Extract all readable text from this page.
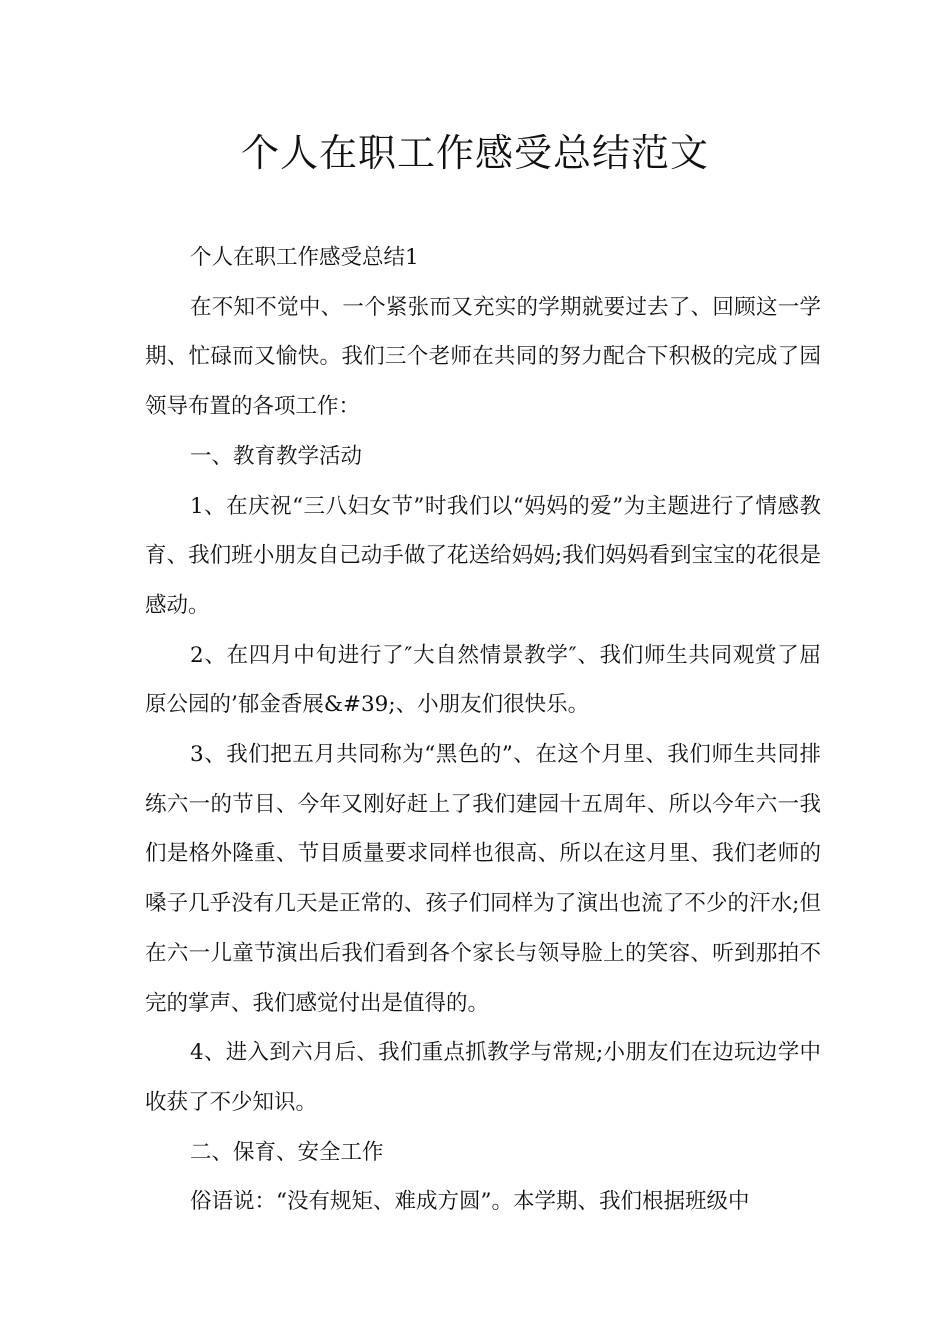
个人在职工作感受总结范文

个人在职工作感受总结1

在不知不觉中、一个紧张而又充实的学期就要过去了、回顾这一学期、忙碌而又愉快。我们三个老师在共同的努力配合下积极的完成了园领导布置的各项工作：

一、教育教学活动

1、在庆祝“三八妇女节”时我们以“妈妈的爱”为主题进行了情感教育、我们班小朋友自己动手做了花送给妈妈;我们妈妈看到宝宝的花很是感动。

2、在四月中旬进行了″大自然情景教学″、我们师生共同观赏了屈原公园的’郁金香展&#39;、小朋友们很快乐。

3、我们把五月共同称为“黑色的”、在这个月里、我们师生共同排练六一的节目、今年又刚好赶上了我们建园十五周年、所以今年六一我们是格外隆重、节目质量要求同样也很高、所以在这月里、我们老师的嗓子几乎没有几天是正常的、孩子们同样为了演出也流了不少的汗水;但在六一儿童节演出后我们看到各个家长与领导脸上的笑容、听到那拍不完的掌声、我们感觉付出是值得的。

4、进入到六月后、我们重点抓教学与常规;小朋友们在边玩边学中收获了不少知识。

二、保育、安全工作

俗语说：“没有规矩、难成方圆”。本学期、我们根据班级中
